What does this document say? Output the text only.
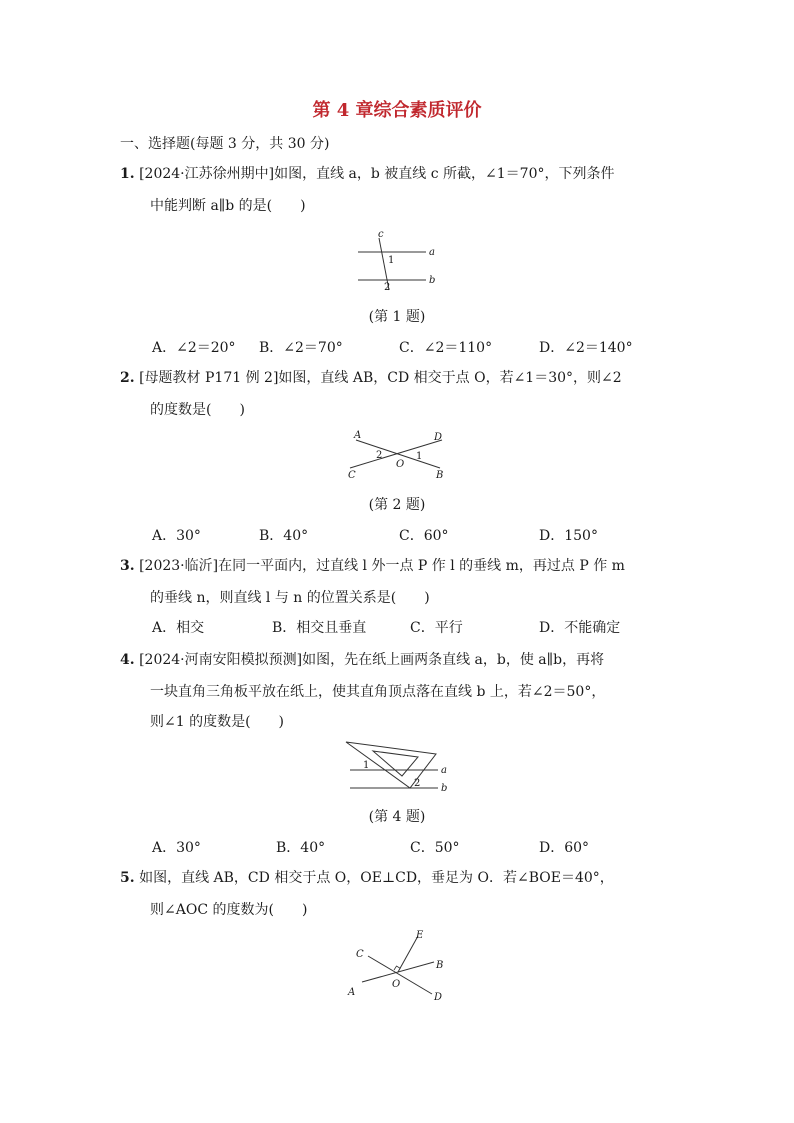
第 4 章综合素质评价
一、选择题(每题 3 分，共 30 分)
1. [2024·江苏徐州期中]如图，直线 a，b 被直线 c 所截，∠1＝70°，下列条件
中能判断 a∥b 的是(　　)
c
a
b
1
2
(第 1 题)
A．∠2＝20° B．∠2＝70°	C．∠2＝110°	D．∠2＝140°
2. [母题教材 P171 例 2]如图，直线 AB，CD 相交于点 O，若∠1＝30°，则∠2
的度数是(　　)
A	D
C	B
O
2	1
(第 2 题)
A．30°	B．40°	C．60°	D．150°
3. [2023·临沂]在同一平面内，过直线 l 外一点 P 作 l 的垂线 m，再过点 P 作 m
的垂线 n，则直线 l 与 n 的位置关系是(　　)
A．相交	B．相交且垂直	C．平行	D．不能确定
4. [2024·河南安阳模拟预测]如图，先在纸上画两条直线 a，b，使 a∥b，再将
一块直角三角板平放在纸上，使其直角顶点落在直线 b 上，若∠2＝50°，
则∠1 的度数是(　　)
a
b
1
2
(第 4 题)
A．30°	B．40°	C．50°	D．60°
5. 如图，直线 AB，CD 相交于点 O，OE⊥CD，垂足为 O．若∠BOE＝40°，
则∠AOC 的度数为(　　)
E
C
B
O
A	D
